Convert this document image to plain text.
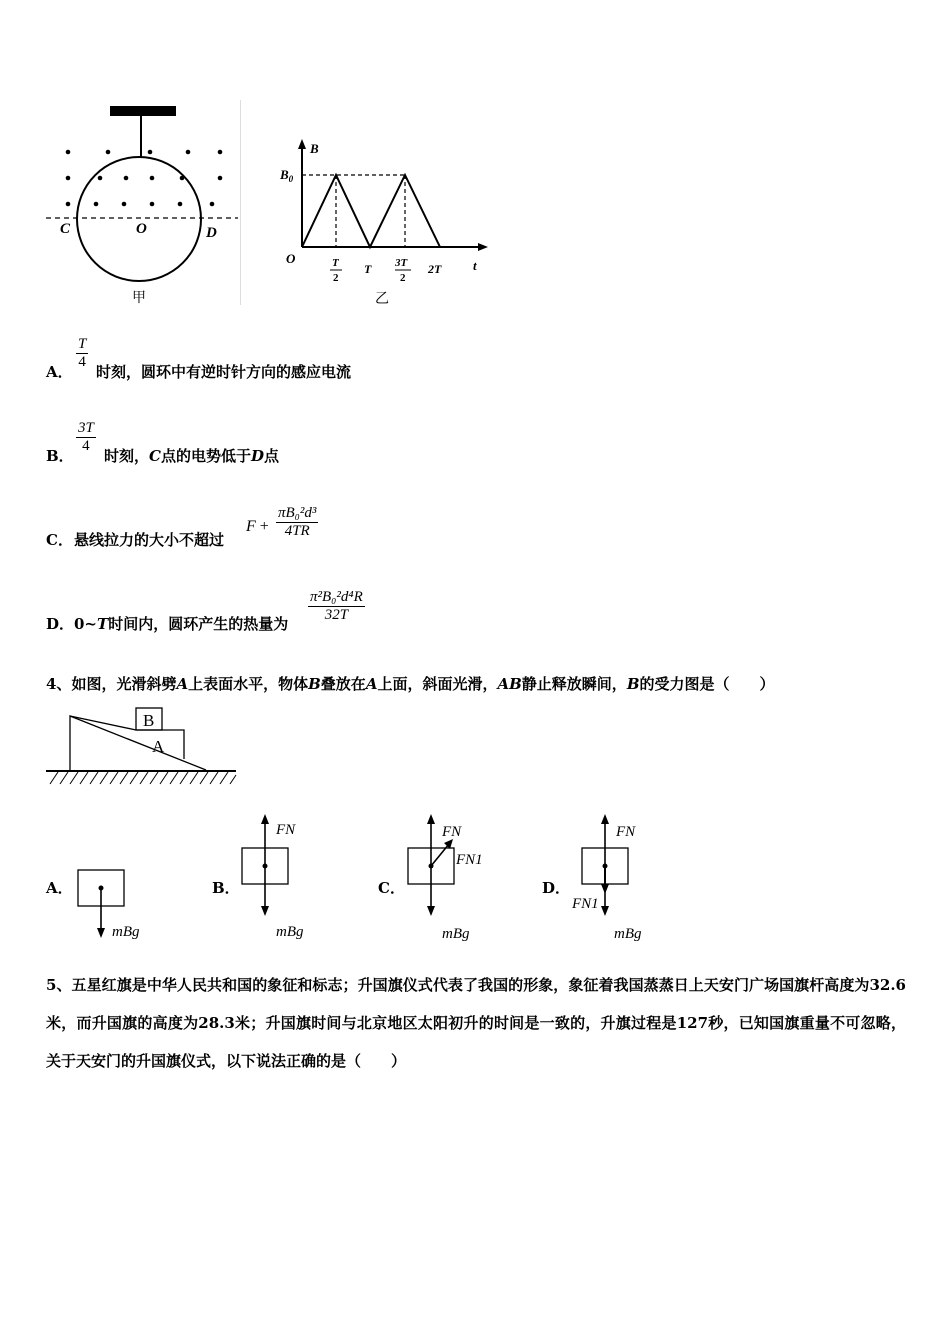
C	O	D
甲
B
$B_0$
O	t
T
2
T 3T
2
2T
乙
A．
$\frac{T}{4}$
时刻，圆环中有逆时针方向的感应电流
B．
$\frac{3T}{4}$
时刻，C点的电势低于D点
C． 悬线拉力的大小不超过
$F + \frac{\text{πB₀²d³}}{4TR}$
D． 0~T时间内，圆环产生的热量为 $\frac{\text{π²B₀²d⁴R}}{32T}$
4、如图，光滑斜劈A上表面水平，物体B叠放在A上面，斜面光滑，AB静止释放瞬间，B的受力图是（　　）
B
A
A．
mBg
B．
FN
mBg
C．
FN
FN1
mBg
D．
FN
FN1
mBg
5、五星红旗是中华人民共和国的象征和标志；升国旗仪式代表了我国的形象，象征着我国蒸蒸日上天安门广场国旗杆高度为32.6米，而升国旗的高度为28.3米；升国旗时间与北京地区太阳初升的时间是一致的，升旗过程是127秒，已知国旗重量不可忽略，关于天安门的升国旗仪式，以下说法正确的是（　　）
